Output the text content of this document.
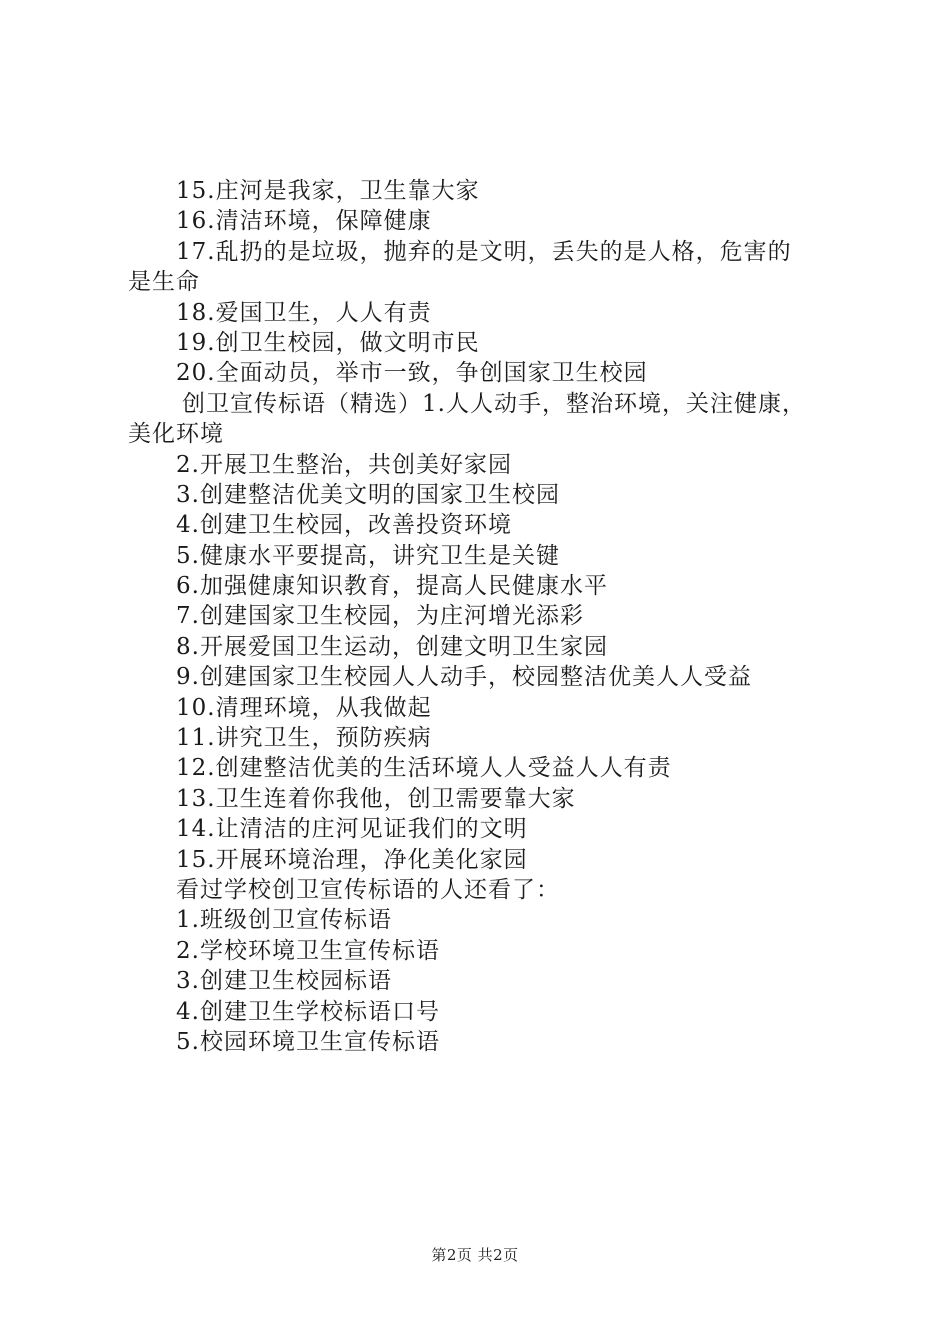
15.庄河是我家，卫生靠大家
16.清洁环境，保障健康
17.乱扔的是垃圾，抛弃的是文明，丢失的是人格，危害的
是生命
18.爱国卫生，人人有责
19.创卫生校园，做文明市民
20.全面动员，举市一致，争创国家卫生校园
创卫宣传标语（精选）1.人人动手，整治环境，关注健康，
美化环境
2.开展卫生整治，共创美好家园
3.创建整洁优美文明的国家卫生校园
4.创建卫生校园，改善投资环境
5.健康水平要提高，讲究卫生是关键
6.加强健康知识教育，提高人民健康水平
7.创建国家卫生校园，为庄河增光添彩
8.开展爱国卫生运动，创建文明卫生家园
9.创建国家卫生校园人人动手，校园整洁优美人人受益
10.清理环境，从我做起
11.讲究卫生，预防疾病
12.创建整洁优美的生活环境人人受益人人有责
13.卫生连着你我他，创卫需要靠大家
14.让清洁的庄河见证我们的文明
15.开展环境治理，净化美化家园
看过学校创卫宣传标语的人还看了：
1.班级创卫宣传标语
2.学校环境卫生宣传标语
3.创建卫生校园标语
4.创建卫生学校标语口号
5.校园环境卫生宣传标语
第2页 共2页
